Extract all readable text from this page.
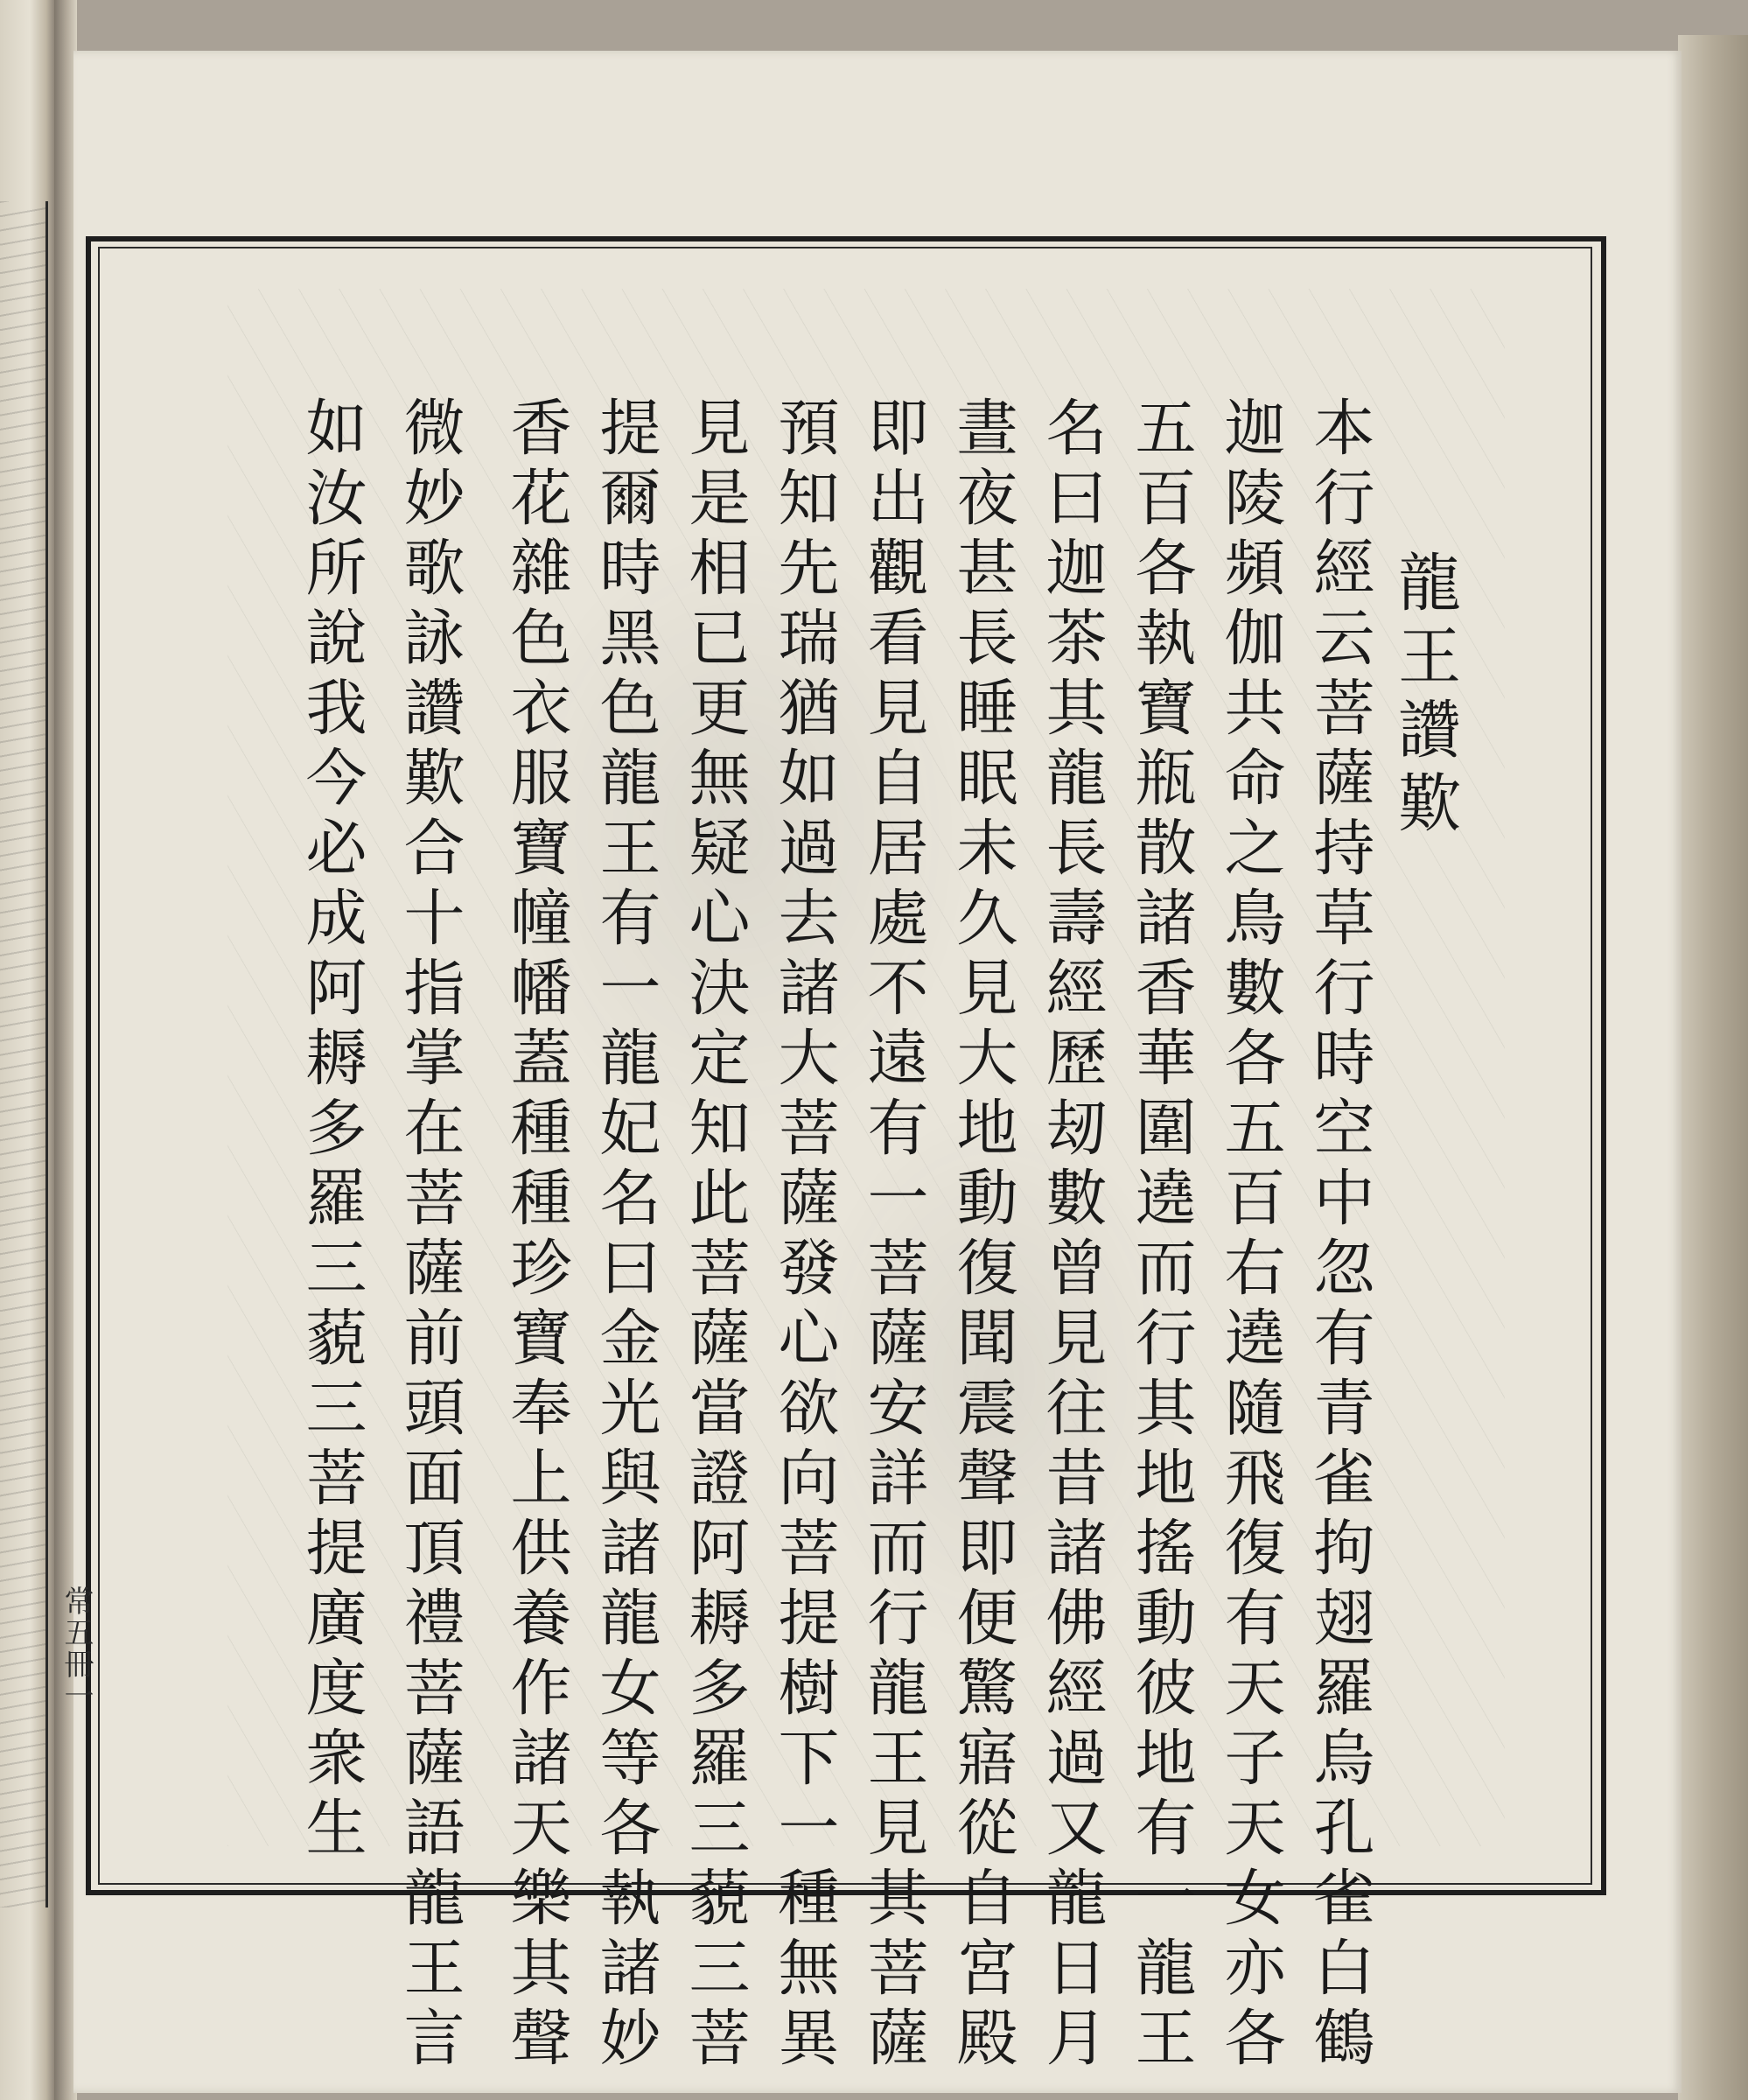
龍王讚歎
本行經云菩薩持草行時空中忽有青雀拘翅羅烏孔雀白鶴
迦陵頻伽共命之鳥數各五百右遶隨飛復有天子天女亦各
五百各執寶瓶散諸香華圍遶而行其地搖動彼地有一龍王
名曰迦茶其龍長壽經歷刼數曾見往昔諸佛經過又龍日月
晝夜甚長睡眠未久見大地動復聞震聲即便驚寤從自宮殿
即出觀看見自居處不遠有一菩薩安詳而行龍王見其菩薩
預知先瑞猶如過去諸大菩薩發心欲向菩提樹下一種無異
見是相已更無疑心決定知此菩薩當證阿耨多羅三藐三菩
提爾時黑色龍王有一龍妃名曰金光與諸龍女等各執諸妙
香花雜色衣服寶幢幡蓋種種珍寶奉上供養作諸天樂其聲
微妙歌詠讚歎合十指掌在菩薩前頭面頂禮菩薩語龍王言
如汝所說我今必成阿耨多羅三藐三菩提廣度衆生
常五冊一
